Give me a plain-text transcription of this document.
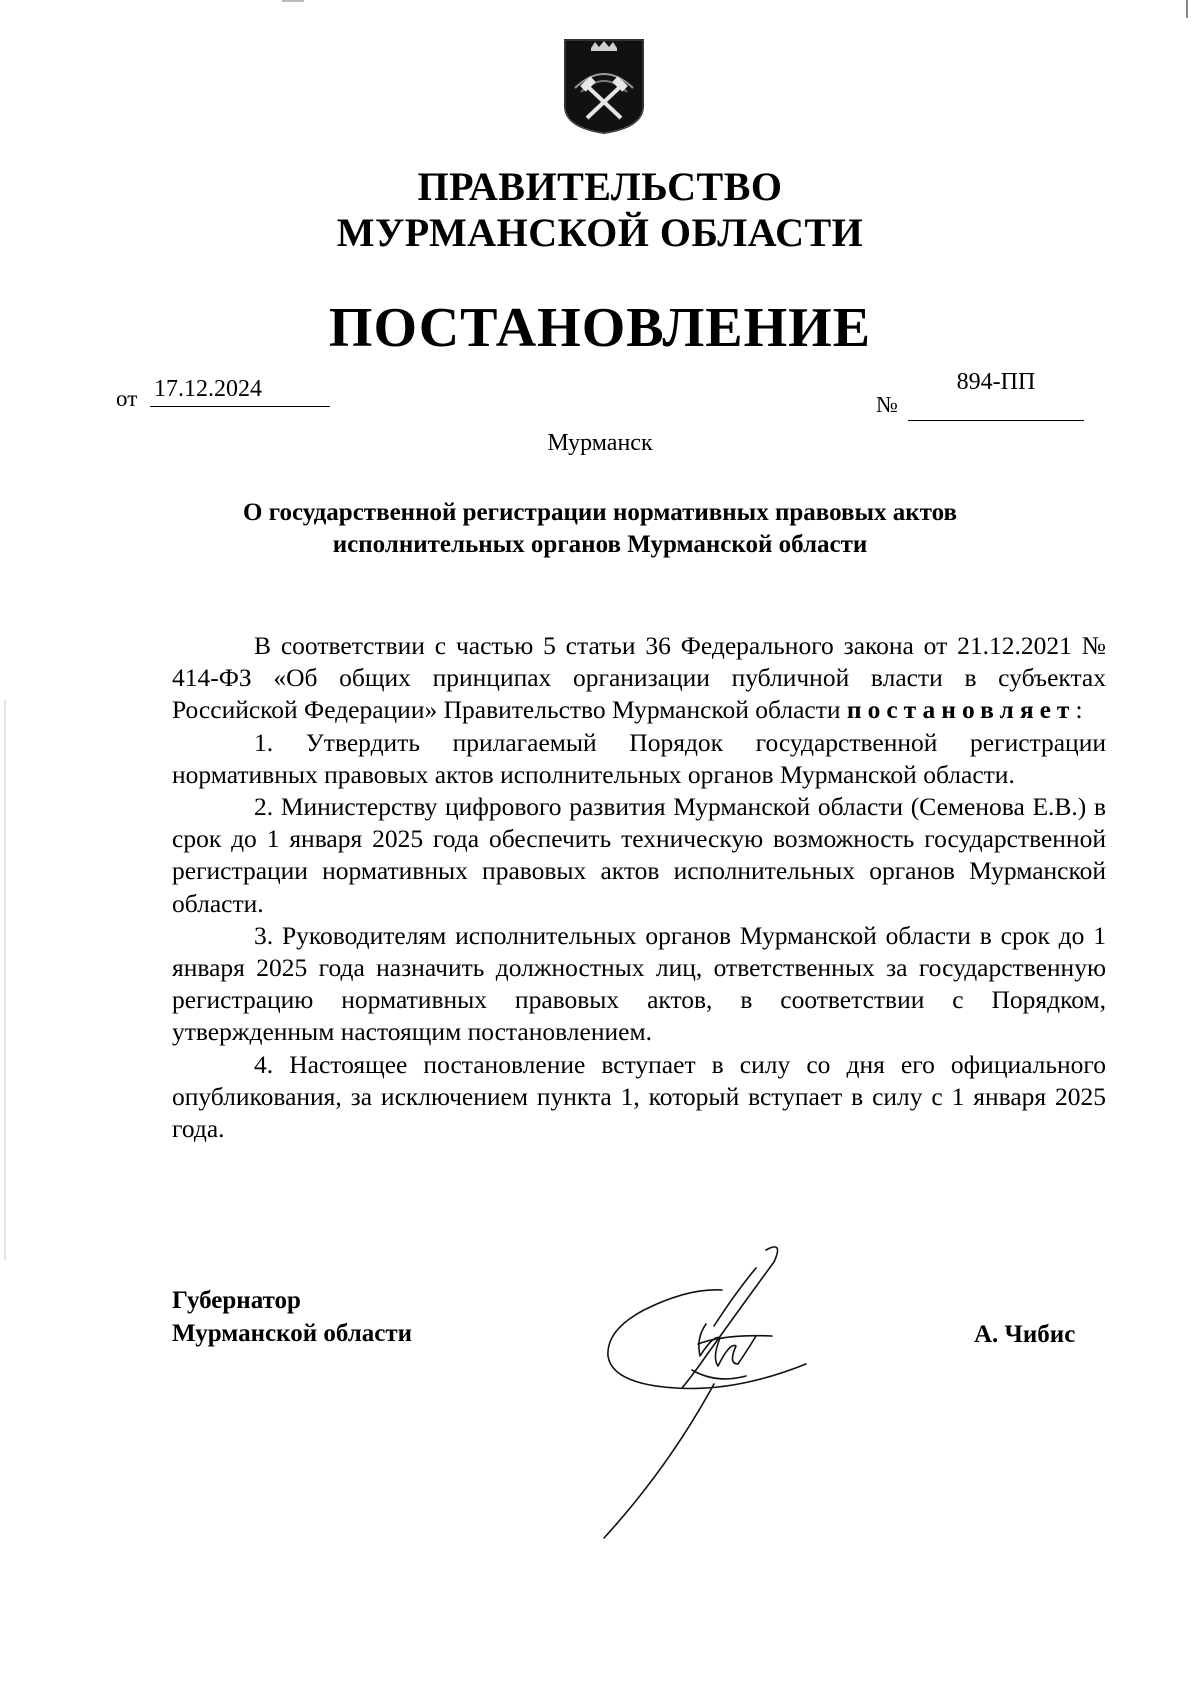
ПРАВИТЕЛЬСТВО
МУРМАНСКОЙ ОБЛАСТИ
ПОСТАНОВЛЕНИЕ
от 17.12.2024
№
894-ПП
Мурманск
О государственной регистрации нормативных правовых актов
исполнительных органов Мурманской области

В соответствии с частью 5 статьи 36 Федерального закона от 21.12.2021 № 414-ФЗ «Об общих принципах организации публичной власти в субъектах Российской Федерации» Правительство Мурманской области постановляет:

1. Утвердить прилагаемый Порядок государственной регистрации нормативных правовых актов исполнительных органов Мурманской области.

2. Министерству цифрового развития Мурманской области (Семенова Е.В.) в срок до 1 января 2025 года обеспечить техническую возможность государственной регистрации нормативных правовых актов исполнительных органов Мурманской области.

3. Руководителям исполнительных органов Мурманской области в срок до 1 января 2025 года назначить должностных лиц, ответственных за государственную регистрацию нормативных правовых актов, в соответствии с Порядком, утвержденным настоящим постановлением.

4. Настоящее постановление вступает в силу со дня его официального опубликования, за исключением пункта 1, который вступает в силу с 1 января 2025 года.

Губернатор
Мурманской области	А. Чибис
